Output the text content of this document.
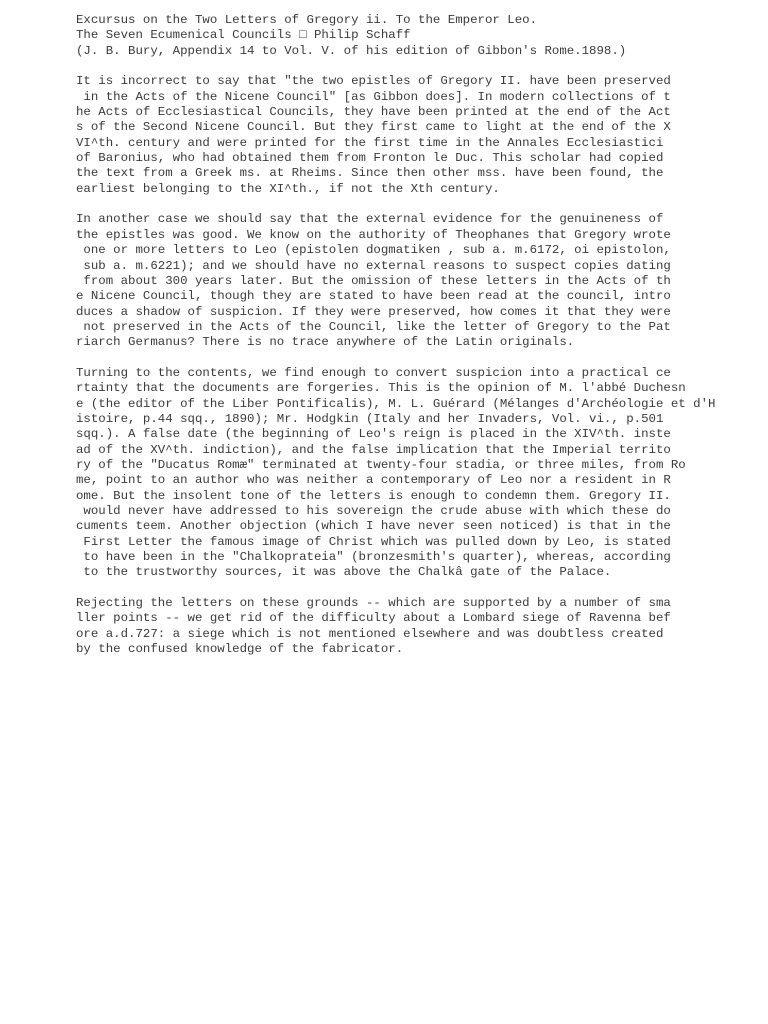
Excursus on the Two Letters of Gregory ii. To the Emperor Leo.
The Seven Ecumenical Councils □ Philip Schaff
(J. B. Bury, Appendix 14 to Vol. V. of his edition of Gibbon's Rome.1898.)
It is incorrect to say that "the two epistles of Gregory II. have been preserved
in the Acts of the Nicene Council" [as Gibbon does]. In modern collections of t
he Acts of Ecclesiastical Councils, they have been printed at the end of the Act
s of the Second Nicene Council. But they first came to light at the end of the X
VI^th. century and were printed for the first time in the Annales Ecclesiastici
of Baronius, who had obtained them from Fronton le Duc. This scholar had copied
the text from a Greek ms. at Rheims. Since then other mss. have been found, the
earliest belonging to the XI^th., if not the Xth century.
In another case we should say that the external evidence for the genuineness of
the epistles was good. We know on the authority of Theophanes that Gregory wrote
one or more letters to Leo (epistolen dogmatiken , sub a. m.6172, oi epistolon,
sub a. m.6221); and we should have no external reasons to suspect copies dating
from about 300 years later. But the omission of these letters in the Acts of th
e Nicene Council, though they are stated to have been read at the council, intro
duces a shadow of suspicion. If they were preserved, how comes it that they were
not preserved in the Acts of the Council, like the letter of Gregory to the Pat
riarch Germanus? There is no trace anywhere of the Latin originals.
Turning to the contents, we find enough to convert suspicion into a practical ce
rtainty that the documents are forgeries. This is the opinion of M. l'abbé Duchesn
e (the editor of the Liber Pontificalis), M. L. Guérard (Mélanges d'Archéologie et d'H
istoire, p.44 sqq., 1890); Mr. Hodgkin (Italy and her Invaders, Vol. vi., p.501
sqq.). A false date (the beginning of Leo's reign is placed in the XIV^th. inste
ad of the XV^th. indiction), and the false implication that the Imperial territo
ry of the "Ducatus Romæ" terminated at twenty-four stadia, or three miles, from Ro
me, point to an author who was neither a contemporary of Leo nor a resident in R
ome. But the insolent tone of the letters is enough to condemn them. Gregory II.
would never have addressed to his sovereign the crude abuse with which these do
cuments teem. Another objection (which I have never seen noticed) is that in the
First Letter the famous image of Christ which was pulled down by Leo, is stated
to have been in the "Chalkoprateia" (bronzesmith's quarter), whereas, according
to the trustworthy sources, it was above the Chalkâ gate of the Palace.
Rejecting the letters on these grounds -- which are supported by a number of sma
ller points -- we get rid of the difficulty about a Lombard siege of Ravenna bef
ore a.d.727: a siege which is not mentioned elsewhere and was doubtless created
by the confused knowledge of the fabricator.
